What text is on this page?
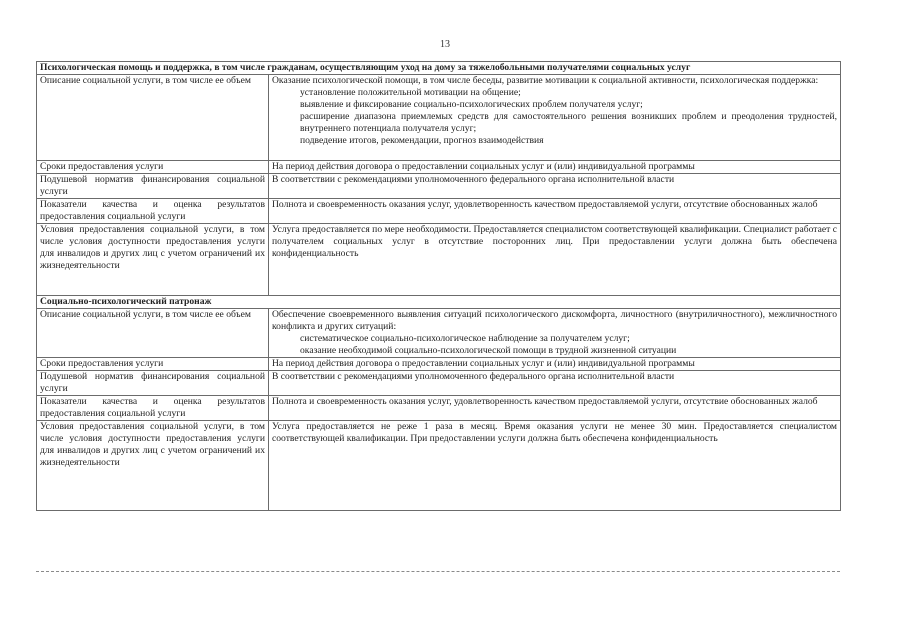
13
Психологическая помощь и поддержка, в том числе гражданам, осуществляющим уход на дому за тяжелобольными получателями социальных услуг	
Описание социальной услуги, в том числе ее объем	Оказание психологической помощи, в том числе беседы, развитие мотивации к социальной активности, психологическая поддержка:
установление положительной мотивации на общение;
выявление и фиксирование социально-психологических проблем получателя услуг;
расширение диапазона приемлемых средств для самостоятельного решения возникших проблем и преодоления трудностей, внутреннего потенциала получателя услуг;
подведение итогов, рекомендации, прогноз взаимодействия

Сроки предоставления услуги	На период действия договора о предоставлении социальных услуг и (или) индивидуальной программы
Подушевой норматив финансирования социальной услуги	В соответствии с рекомендациями уполномоченного федерального органа исполнительной власти
Показатели качества и оценка результатов предоставления социальной услуги	Полнота и своевременность оказания услуг, удовлетворенность качеством предоставляемой услуги, отсутствие обоснованных жалоб
Условия предоставления социальной услуги, в том числе условия доступности предоставления услуги для инвалидов и других лиц с учетом ограничений их жизнедеятельности	Услуга предоставляется по мере необходимости. Предоставляется специалистом соответствующей квалификации. Специалист работает с получателем социальных услуг в отсутствие посторонних лиц. При предоставлении услуги должна быть обеспечена конфиденциальность
Социально-психологический патронаж	
Описание социальной услуги, в том числе ее объем	Обеспечение своевременного выявления ситуаций психологического дискомфорта, личностного (внутриличностного), межличностного конфликта и других ситуаций:
систематическое социально-психологическое наблюдение за получателем услуг;
оказание необходимой социально-психологической помощи в трудной жизненной ситуации

Сроки предоставления услуги	На период действия договора о предоставлении социальных услуг и (или) индивидуальной программы
Подушевой норматив финансирования социальной услуги	В соответствии с рекомендациями уполномоченного федерального органа исполнительной власти
Показатели качества и оценка результатов предоставления социальной услуги	Полнота и своевременность оказания услуг, удовлетворенность качеством предоставляемой услуги, отсутствие обоснованных жалоб
Условия предоставления социальной услуги, в том числе условия доступности предоставления услуги для инвалидов и других лиц с учетом ограничений их жизнедеятельности	Услуга предоставляется не реже 1 раза в месяц. Время оказания услуги не менее 30 мин. Предоставляется специалистом соответствующей квалификации. При предоставлении услуги должна быть обеспечена конфиденциальность
